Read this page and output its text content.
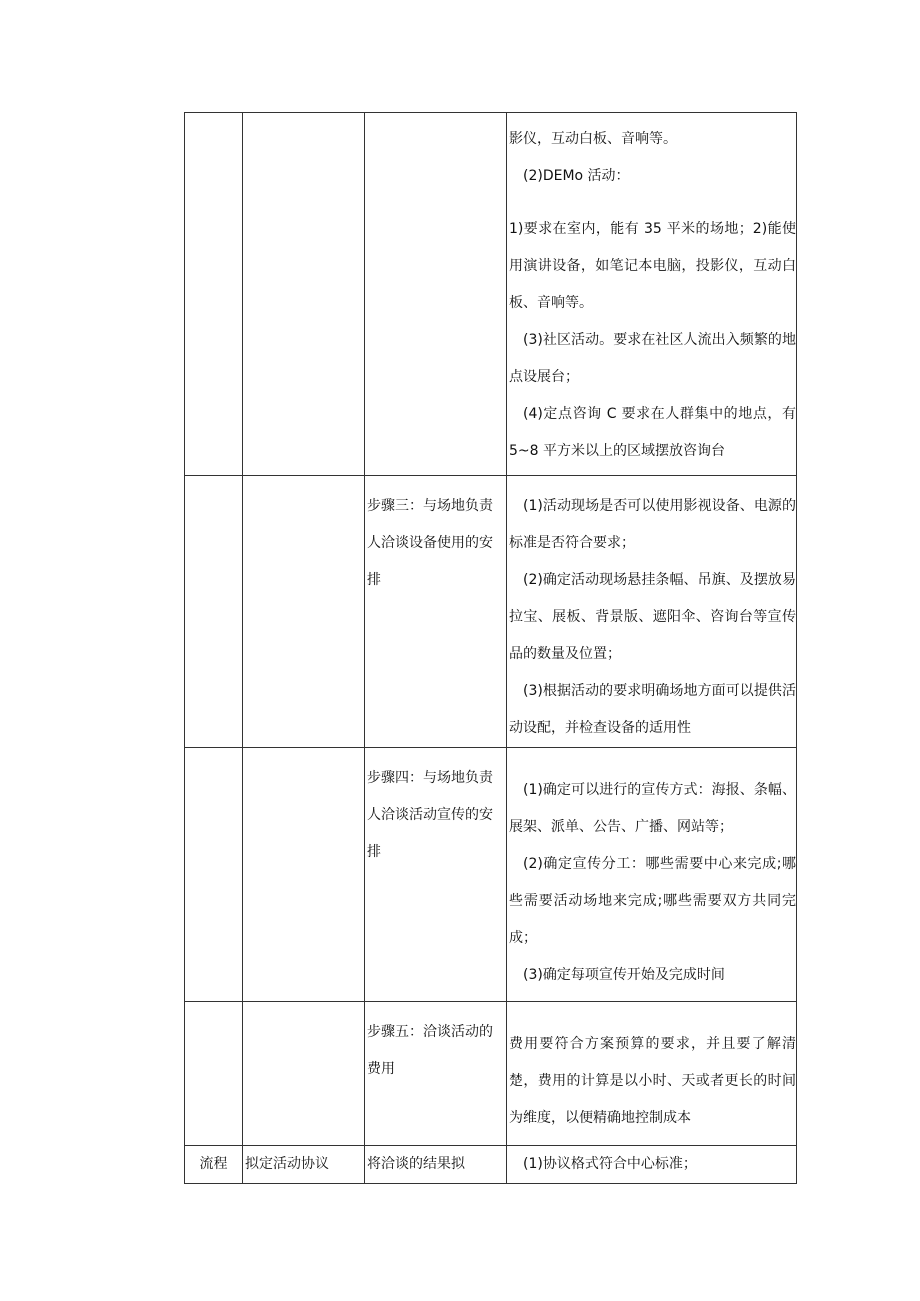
			影仪，互动白板、音响等。

(2)DEMo 活动：

1)要求在室内，能有 35 平米的场地；2)能使用演讲设备，如笔记本电脑，投影仪，互动白板、音响等。

(3)社区活动。要求在社区人流出入频繁的地点设展台；

(4)定点咨询 C 要求在人群集中的地点，有 5~8 平方米以上的区域摆放咨询台

		步骤三：与场地负责人洽谈设备使用的安排	(1)活动现场是否可以使用影视设备、电源的标准是否符合要求；

(2)确定活动现场悬挂条幅、吊旗、及摆放易拉宝、展板、背景版、遮阳伞、咨询台等宣传品的数量及位置；

(3)根据活动的要求明确场地方面可以提供活动设配，并检查设备的适用性

		步骤四：与场地负责人洽谈活动宣传的安排	(1)确定可以进行的宣传方式：海报、条幅、展架、派单、公告、广播、网站等；

(2)确定宣传分工：哪些需要中心来完成;哪些需要活动场地来完成;哪些需要双方共同完成；

(3)确定每项宣传开始及完成时间

		步骤五：洽谈活动的费用	费用要符合方案预算的要求，并且要了解清楚，费用的计算是以小时、天或者更长的时间为维度，以便精确地控制成本

流程	拟定活动协议	将洽谈的结果拟	(1)协议格式符合中心标准；
